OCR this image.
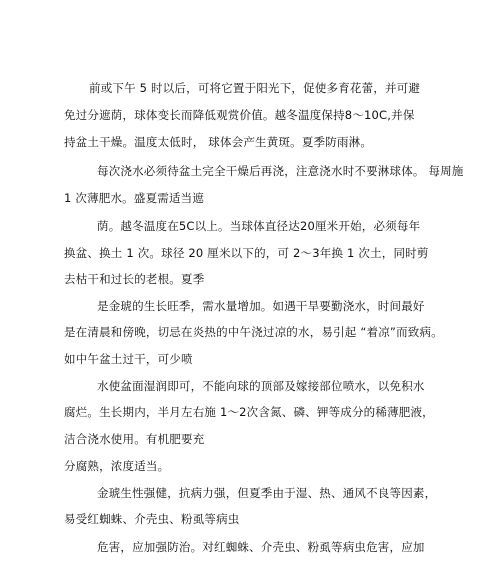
前或下午 5 时以后，可将它置于阳光下，促使多育花蕾，并可避
免过分遮荫，球体变长而降低观赏价值。越冬温度保持8～10C,并保
持盆土干燥。温度太低时， 球体会产生黄斑。夏季防雨淋。
每次浇水必须待盆土完全干燥后再浇，注意浇水时不要淋球体。 每周施
1 次薄肥水。盛夏需适当遮
荫。越冬温度在5C以上。当球体直径达20厘米开始，必须每年
换盆、换土 1 次。球径 20 厘米以下的，可 2～3年换 1 次土，同时剪
去枯干和过长的老根。夏季
是金琥的生长旺季，需水量增加。如遇干旱要勤浇水，时间最好
是在清晨和傍晚，切忌在炎热的中午浇过凉的水，易引起 “着凉”而致病。
如中午盆土过干，可少喷
水使盆面湿润即可，不能向球的顶部及嫁接部位喷水，以免积水
腐烂。生长期内，半月左右施 1～2次含氮、磷、钾等成分的稀薄肥液，
洁合浇水使用。有机肥要充
分腐熟，浓度适当。
金琥生性强健，抗病力强，但夏季由于湿、热、通风不良等因素，
易受红蜘蛛、介壳虫、粉虱等病虫
危害，应加强防治。对红蜘蛛、介壳虫、粉虱等病虫危害，应加
